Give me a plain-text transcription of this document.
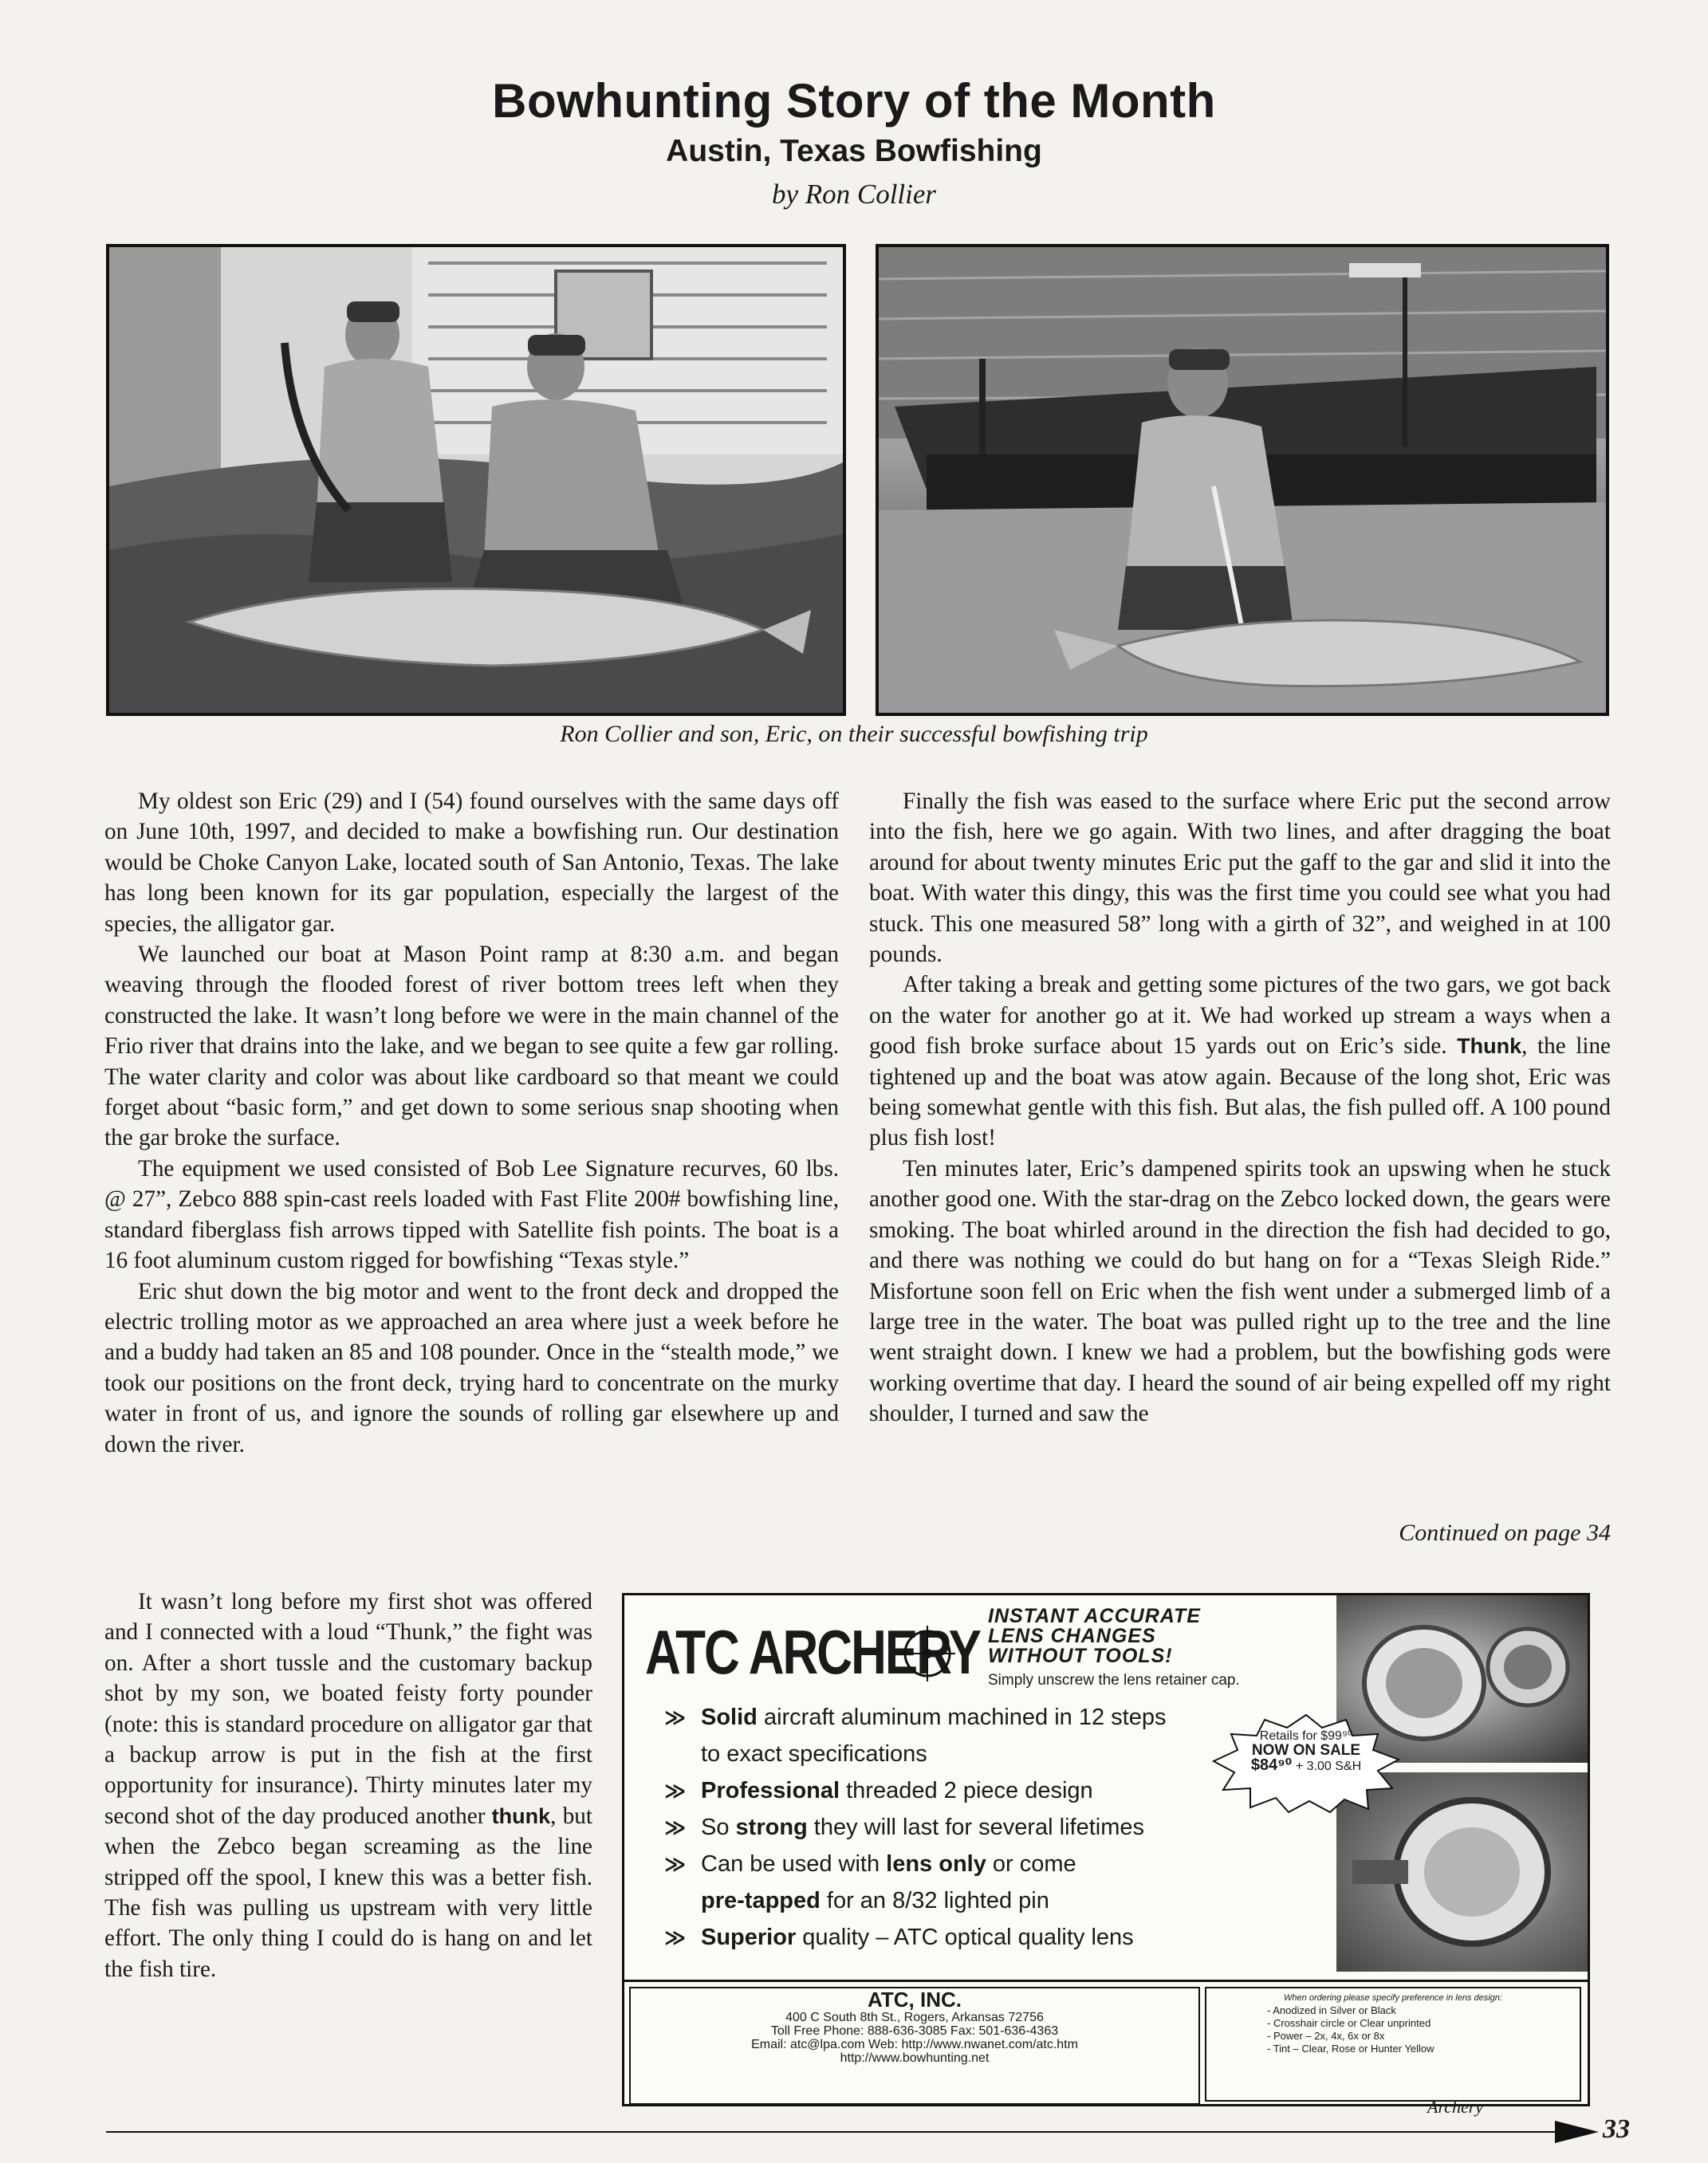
Bowhunting Story of the Month
Austin, Texas Bowfishing
by Ron Collier
Ron Collier and son, Eric, on their successful bowfishing trip

My oldest son Eric (29) and I (54) found ourselves with the same days off on June 10th, 1997, and decided to make a bowfishing run. Our destination would be Choke Canyon Lake, located south of San Antonio, Texas. The lake has long been known for its gar population, especially the largest of the species, the alligator gar.

We launched our boat at Mason Point ramp at 8:30 a.m. and began weaving through the flooded forest of river bottom trees left when they constructed the lake. It wasn’t long before we were in the main channel of the Frio river that drains into the lake, and we began to see quite a few gar rolling. The water clarity and color was about like cardboard so that meant we could forget about “basic form,” and get down to some serious snap shooting when the gar broke the surface.

The equipment we used consisted of Bob Lee Signature recurves, 60 lbs. @ 27”, Zebco 888 spin-cast reels loaded with Fast Flite 200# bowfishing line, standard fiberglass fish arrows tipped with Satellite fish points. The boat is a 16 foot aluminum custom rigged for bowfishing “Texas style.”

Eric shut down the big motor and went to the front deck and dropped the electric trolling motor as we approached an area where just a week before he and a buddy had taken an 85 and 108 pounder. Once in the “stealth mode,” we took our positions on the front deck, trying hard to concentrate on the murky water in front of us, and ignore the sounds of rolling gar elsewhere up and down the river.

It wasn’t long before my first shot was offered and I connected with a loud “Thunk,” the fight was on. After a short tussle and the customary backup shot by my son, we boated feisty forty pounder (note: this is standard procedure on alligator gar that a backup arrow is put in the fish at the first opportunity for insurance). Thirty minutes later my second shot of the day produced another thunk, but when the Zebco began screaming as the line stripped off the spool, I knew this was a better fish. The fish was pulling us upstream with very little effort. The only thing I could do is hang on and let the fish tire.

Finally the fish was eased to the surface where Eric put the second arrow into the fish, here we go again. With two lines, and after dragging the boat around for about twenty minutes Eric put the gaff to the gar and slid it into the boat. With water this dingy, this was the first time you could see what you had stuck. This one measured 58” long with a girth of 32”, and weighed in at 100 pounds.

After taking a break and getting some pictures of the two gars, we got back on the water for another go at it. We had worked up stream a ways when a good fish broke surface about 15 yards out on Eric’s side. Thunk, the line tightened up and the boat was atow again. Because of the long shot, Eric was being somewhat gentle with this fish. But alas, the fish pulled off. A 100 pound plus fish lost!

Ten minutes later, Eric’s dampened spirits took an upswing when he stuck another good one. With the star-drag on the Zebco locked down, the gears were smoking. The boat whirled around in the direction the fish had decided to go, and there was nothing we could do but hang on for a “Texas Sleigh Ride.” Misfortune soon fell on Eric when the fish went under a submerged limb of a large tree in the water. The boat was pulled right up to the tree and the line went straight down. I knew we had a problem, but the bowfishing gods were working overtime that day. I heard the sound of air being expelled off my right shoulder, I turned and saw the

Continued on page 34
ATC ARCHERY
INSTANT ACCURATE
LENS CHANGES
WITHOUT TOOLS!
Simply unscrew the lens retainer cap.
≫ Solid aircraft aluminum machined in 12 steps
to exact specifications
≫ Professional threaded 2 piece design
≫ So strong they will last for several lifetimes
≫ Can be used with lens only or come
pre-tapped for an 8/32 lighted pin
≫ Superior quality – ATC optical quality lens
Retails for $99⁹⁰
NOW ON SALE
$84⁹⁰ + 3.00 S&H
ATC, INC.
400 C South 8th St., Rogers, Arkansas 72756
Toll Free Phone: 888-636-3085 Fax: 501-636-4363
Email: atc@lpa.com Web: http://www.nwanet.com/atc.htm
http://www.bowhunting.net
When ordering please specify preference in lens design:
- Anodized in Silver or Black
- Crosshair circle or Clear unprinted
- Power – 2x, 4x, 6x or 8x
- Tint – Clear, Rose or Hunter Yellow
Archery
33
